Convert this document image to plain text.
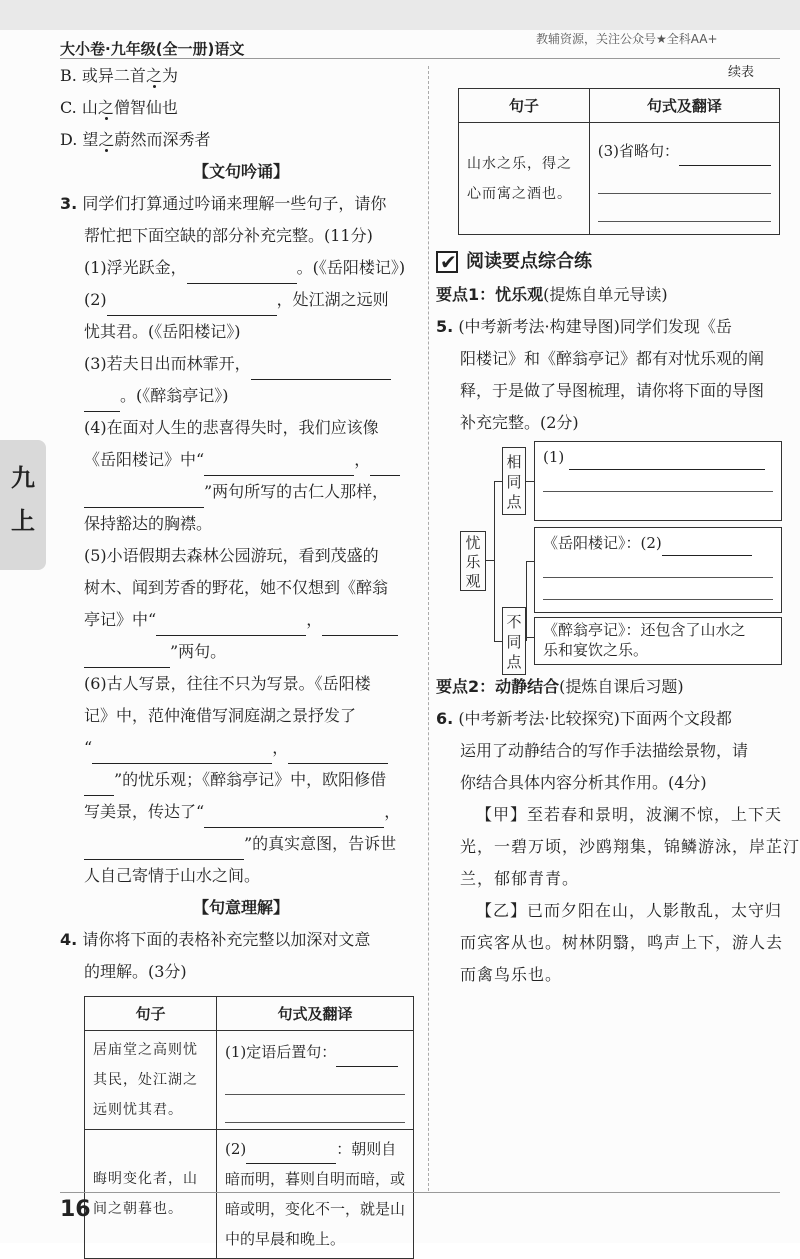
大小卷·九年级(全一册)语文
教辅资源，关注公众号★全科AA+
九
上
B. 或异二首之为
C. 山之僧智仙也
D. 望之蔚然而深秀者
【文句吟诵】
3. 同学们打算通过吟诵来理解一些句子，请你
帮忙把下面空缺的部分补充完整。(11分)
(1)浮光跃金，	。(《岳阳楼记》)
(2)	，处江湖之远则
忧其君。(《岳阳楼记》)
(3)若夫日出而林霏开，
。(《醉翁亭记》)
(4)在面对人生的悲喜得失时，我们应该像
《岳阳楼记》中“	，
”两句所写的古仁人那样，
保持豁达的胸襟。
(5)小语假期去森林公园游玩，看到茂盛的
树木、闻到芳香的野花，她不仅想到《醉翁
亭记》中“	，
”两句。
(6)古人写景，往往不只为写景。《岳阳楼
记》中，范仲淹借写洞庭湖之景抒发了
“	，
”的忧乐观；《醉翁亭记》中，欧阳修借
写美景，传达了“	，
”的真实意图，告诉世
人自己寄情于山水之间。
【句意理解】
4. 请你将下面的表格补充完整以加深对文意
的理解。(3分)
句子	句式及翻译
居庙堂之高则忧其民，处江湖之远则忧其君。	(1)定语后置句：

晦明变化者，山间之朝暮也。	(2) ：朝则自暗而明，暮则自明而暗，或暗或明，变化不一，就是山中的早晨和晚上。
续表
句子	句式及翻译
山水之乐，得之心而寓之酒也。	(3)省略句：
✔
阅读要点综合练
要点1：忧乐观(提炼自单元导读)
5. (中考新考法·构建导图)同学们发现《岳
阳楼记》和《醉翁亭记》都有对忧乐观的阐
释，于是做了导图梳理，请你将下面的导图
补充完整。(2分)
忧乐观
相同点
(1)
不同点
《岳阳楼记》：(2)
《醉翁亭记》：还包含了山水之
乐和宴饮之乐。
要点2：动静结合(提炼自课后习题)
6. (中考新考法·比较探究)下面两个文段都
运用了动静结合的写作手法描绘景物，请
你结合具体内容分析其作用。(4分)
【甲】至若春和景明，波澜不惊，上下天
光，一碧万顷，沙鸥翔集，锦鳞游泳，岸芷汀
兰，郁郁青青。
【乙】已而夕阳在山，人影散乱，太守归
而宾客从也。树林阴翳，鸣声上下，游人去
而禽鸟乐也。
16
